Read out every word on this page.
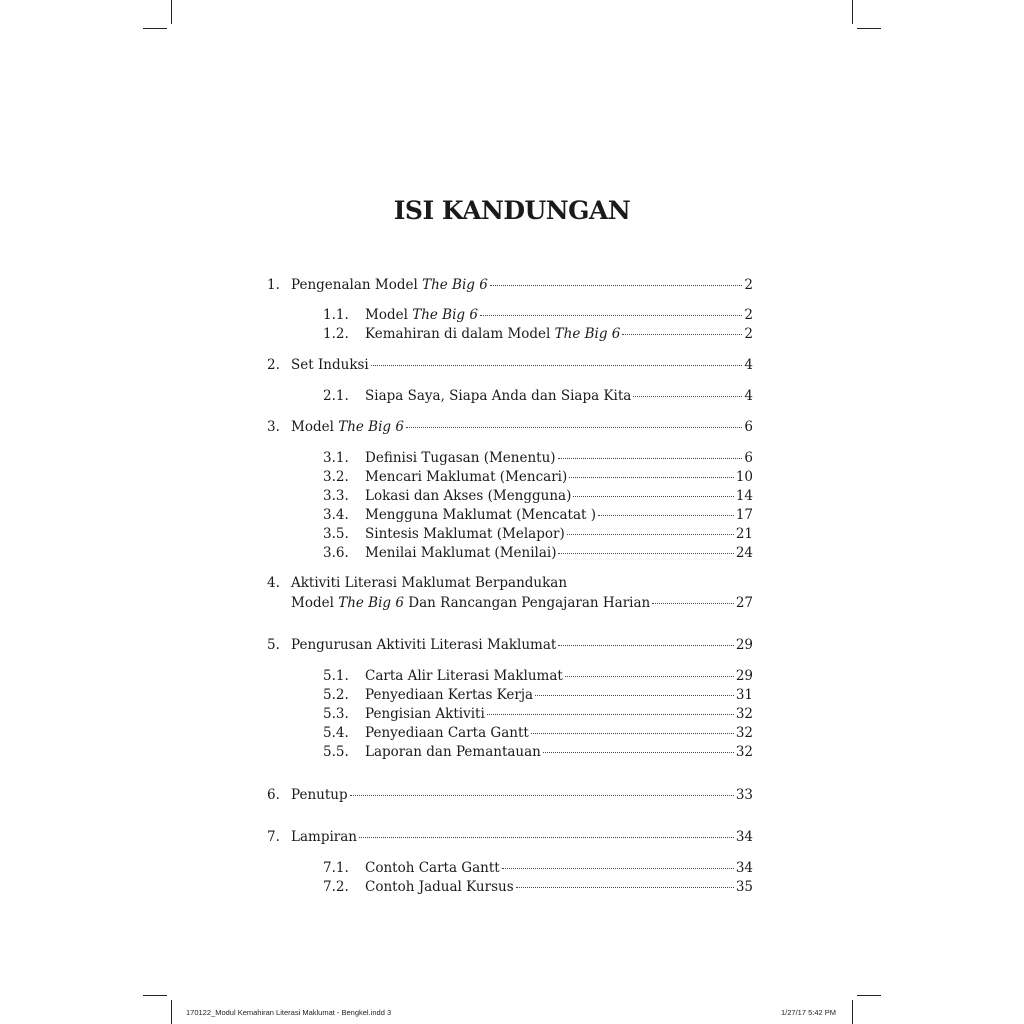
ISI KANDUNGAN
1. Pengenalan Model The Big 6	2
1.1.	Model The Big 6	2
1.2.	Kemahiran di dalam Model The Big 6	2
2. Set Induksi	4
2.1.	Siapa Saya, Siapa Anda dan Siapa Kita	4
3. Model The Big 6	6
3.1.	Definisi Tugasan (Menentu)	6
3.2.	Mencari Maklumat (Mencari)	10
3.3.	Lokasi dan Akses (Mengguna)	14
3.4.	Mengguna Maklumat (Mencatat )	17
3.5.	Sintesis Maklumat (Melapor)	21
3.6.	Menilai Maklumat (Menilai)	24
4. Aktiviti Literasi Maklumat Berpandukan
Model The Big 6 Dan Rancangan Pengajaran Harian	27
5. Pengurusan Aktiviti Literasi Maklumat	29
5.1.	Carta Alir Literasi Maklumat	29
5.2.	Penyediaan Kertas Kerja	31
5.3.	Pengisian Aktiviti	32
5.4.	Penyediaan Carta Gantt	32
5.5.	Laporan dan Pemantauan	32
6. Penutup	33
7. Lampiran	34
7.1.	Contoh Carta Gantt	34
7.2.	Contoh Jadual Kursus	35
170122_Modul Kemahiran Literasi Maklumat - Bengkel.indd 3	1/27/17 5:42 PM
